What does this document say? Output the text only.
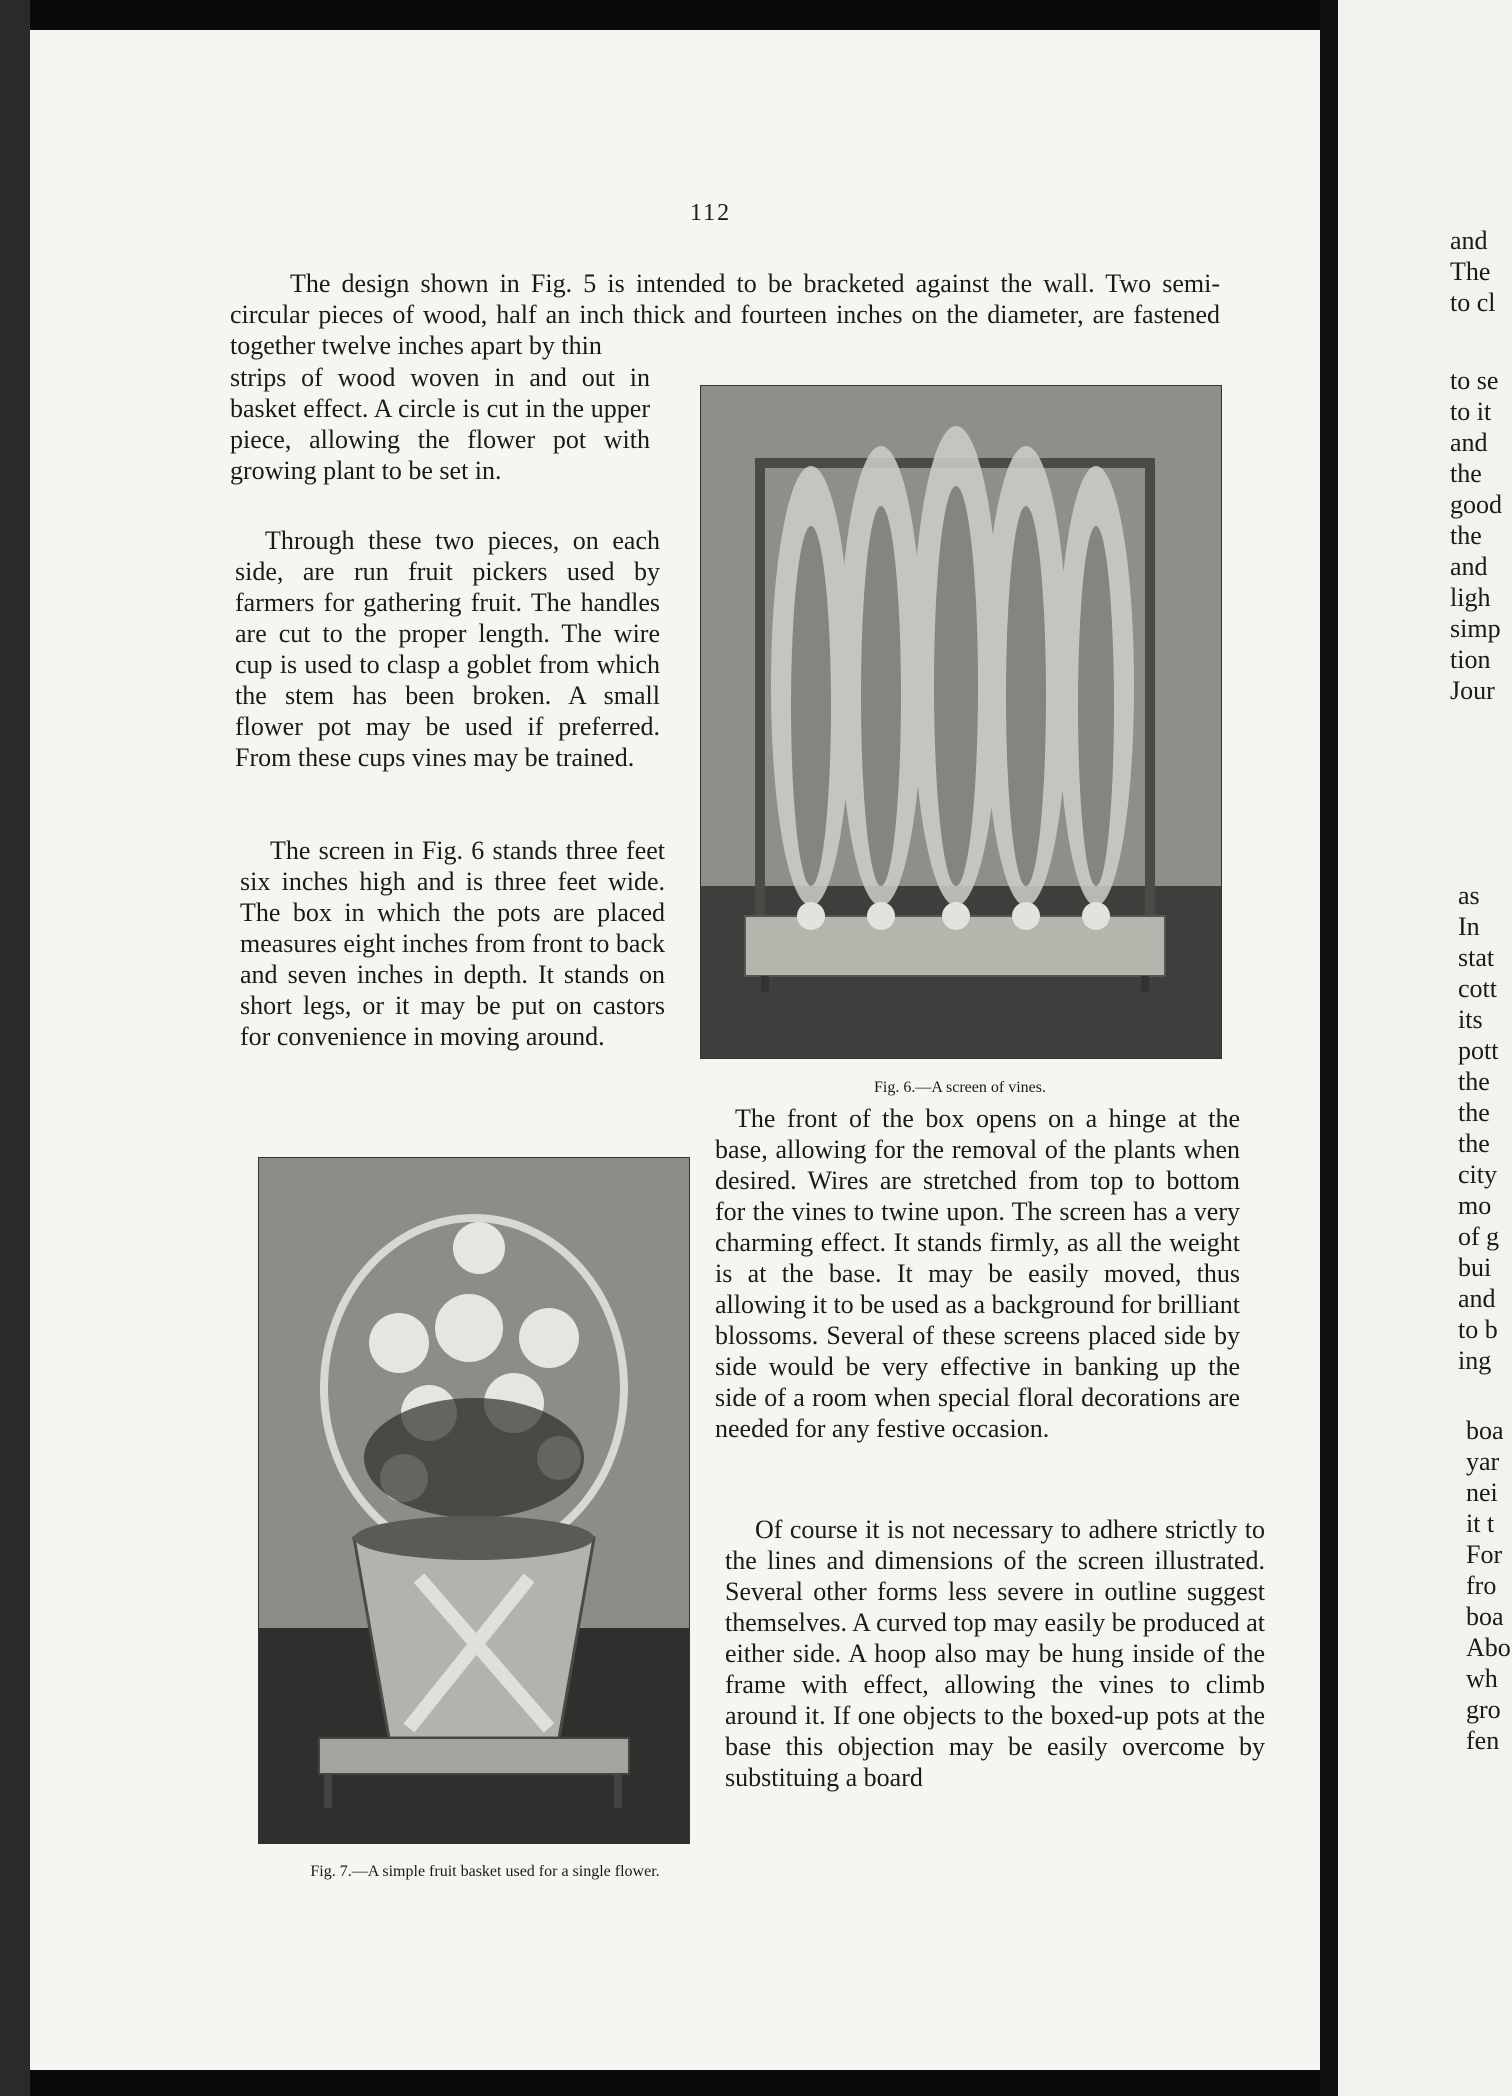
112

The design shown in Fig. 5 is intended to be bracketed against the wall. Two semi-circular pieces of wood, half an inch thick and fourteen inches on the diameter, are fastened together twelve inches apart by thin

strips of wood woven in and out in basket effect. A circle is cut in the upper piece, allowing the flower pot with growing plant to be set in.

Through these two pieces, on each side, are run fruit pickers used by farmers for gathering fruit. The handles are cut to the proper length. The wire cup is used to clasp a goblet from which the stem has been broken. A small flower pot may be used if preferred. From these cups vines may be trained.

The screen in Fig. 6 stands three feet six inches high and is three feet wide. The box in which the pots are placed measures eight inches from front to back and seven inches in depth. It stands on short legs, or it may be put on castors for convenience in moving around.

Fig. 6.—A screen of vines.
Fig. 7.—A simple fruit basket used for a single flower.

The front of the box opens on a hinge at the base, allowing for the removal of the plants when desired. Wires are stretched from top to bottom for the vines to twine upon. The screen has a very charming effect. It stands firmly, as all the weight is at the base. It may be easily moved, thus allowing it to be used as a background for brilliant blossoms. Several of these screens placed side by side would be very effective in banking up the side of a room when special floral decorations are needed for any festive occasion.

Of course it is not necessary to adhere strictly to the lines and dimensions of the screen illustrated. Several other forms less severe in outline suggest themselves. A curved top may easily be produced at either side. A hoop also may be hung inside of the frame with effect, allowing the vines to climb around it. If one objects to the boxed-up pots at the base this objection may be easily overcome by substituing a board

and
The
to cl
to se
to it
and
the
good
the
and
ligh
simp
tion
Jour
as
In
stat
cott
its
pott
the
the
the
city
mo
of g
bui
and
to b
ing
boa
yar
nei
it t
For
fro
boa
Abo
wh
gro
fen
